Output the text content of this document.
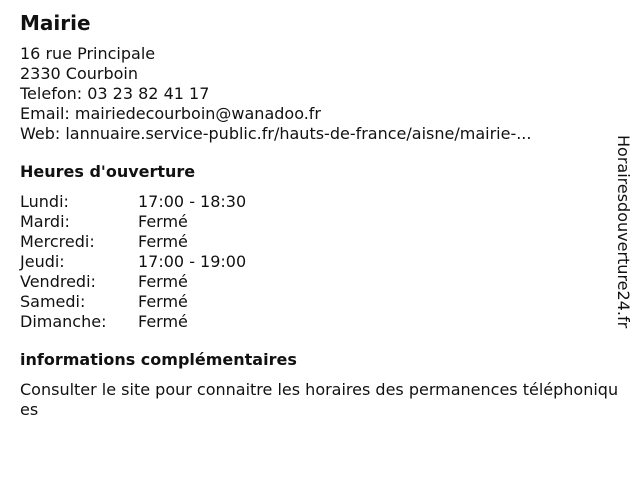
Mairie
16 rue Principale
2330 Courboin
Telefon: 03 23 82 41 17
Email: mairiedecourboin@wanadoo.fr
Web: lannuaire.service-public.fr/hauts-de-france/aisne/mairie-...
Heures d'ouverture
Lundi:	17:00 - 18:30
Mardi:	Fermé
Mercredi:	Fermé
Jeudi:	17:00 - 19:00
Vendredi:	Fermé
Samedi:	Fermé
Dimanche:	Fermé
informations complémentaires
Consulter le site pour connaitre les horaires des permanences téléphoniques
Horairesdouverture24.fr
